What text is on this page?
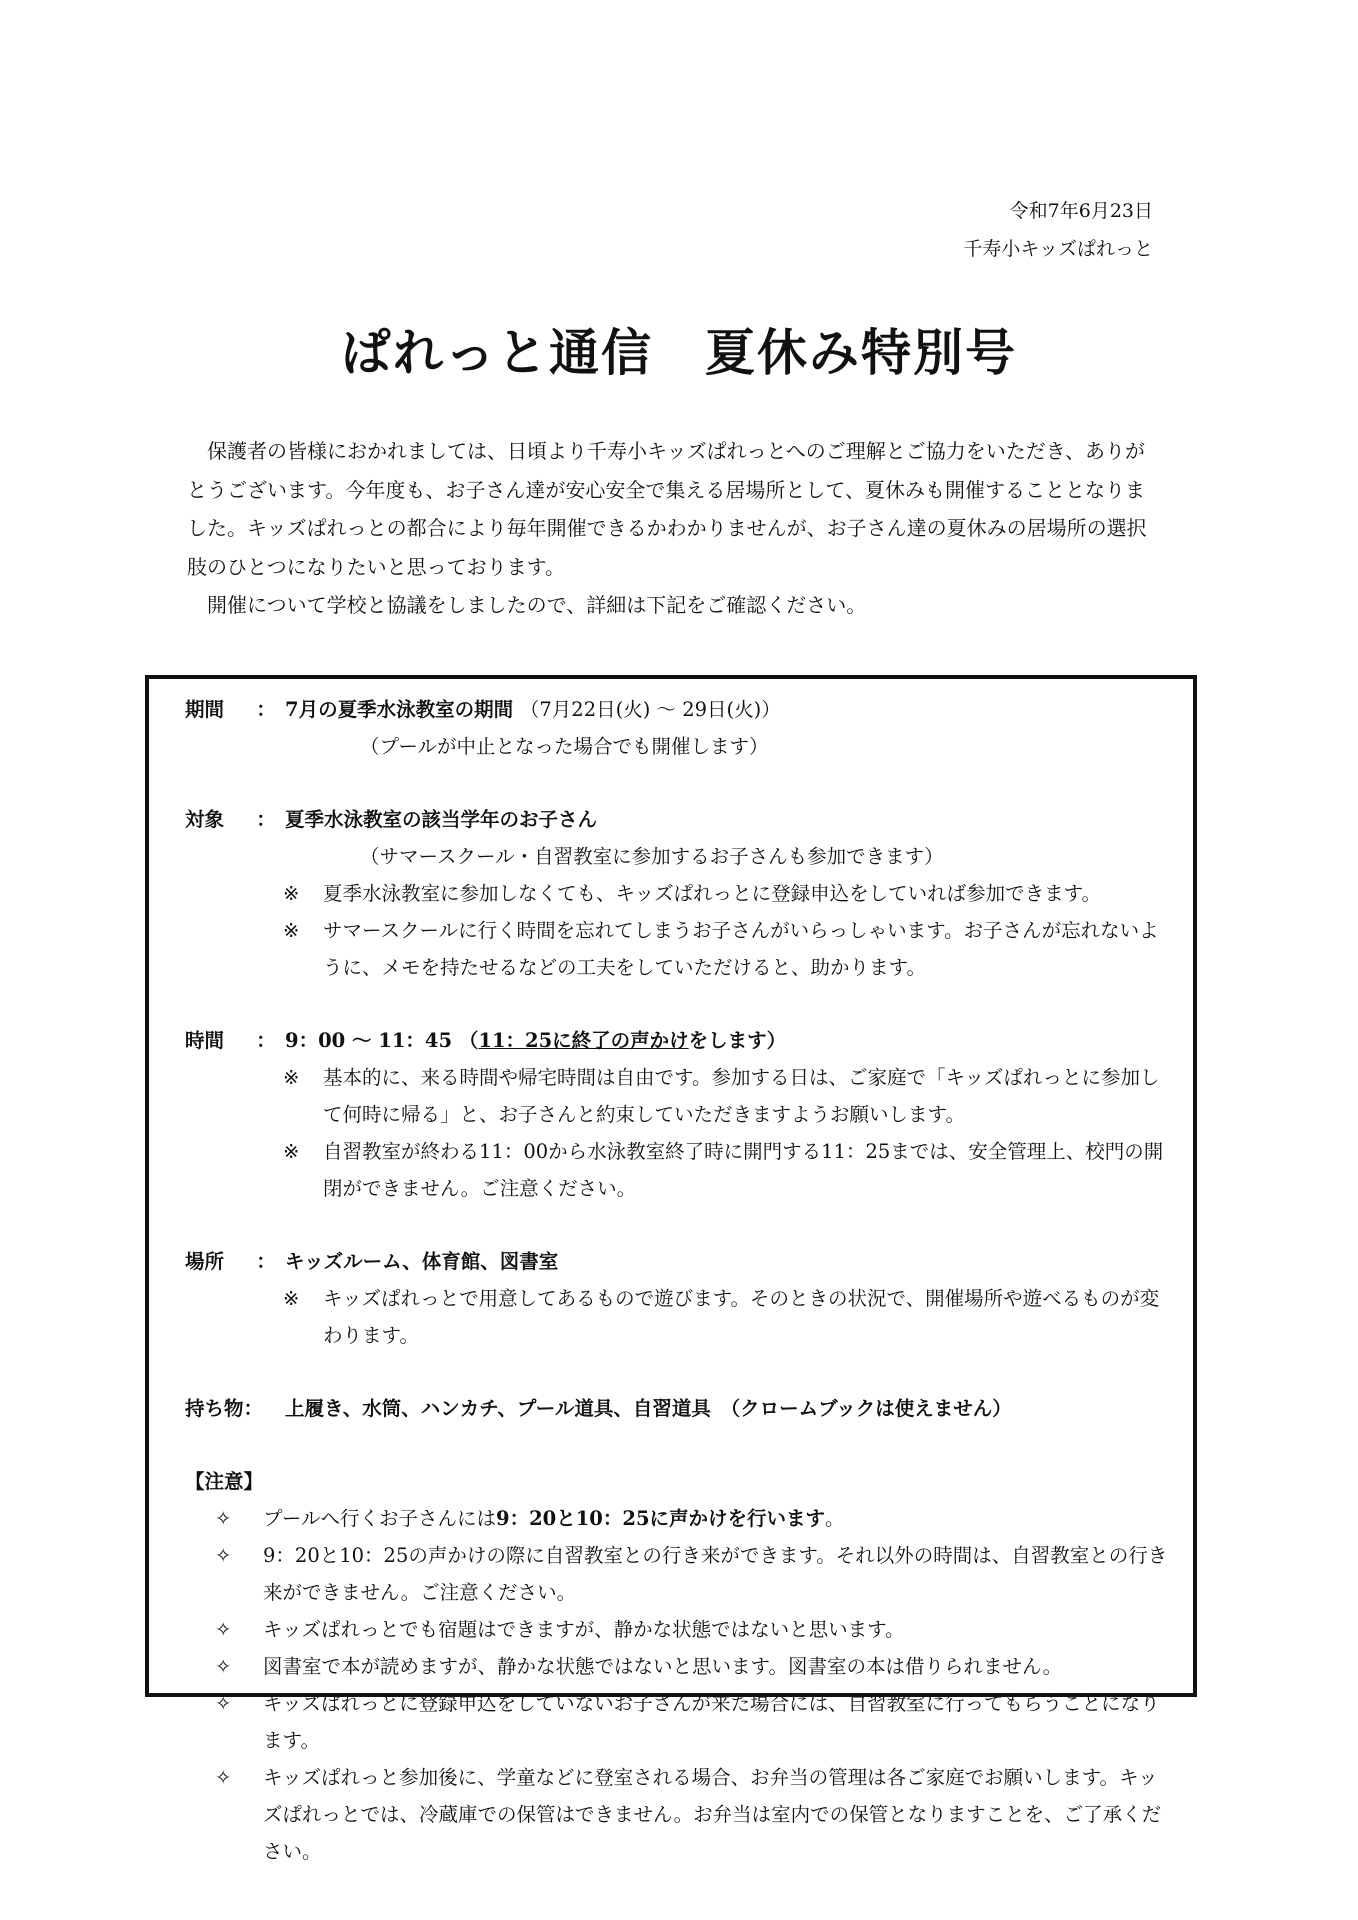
令和7年6月23日
千寿小キッズぱれっと
ぱれっと通信　夏休み特別号

保護者の皆様におかれましては、日頃より千寿小キッズぱれっとへのご理解とご協力をいただき、ありがとうございます。今年度も、お子さん達が安心安全で集える居場所として、夏休みも開催することとなりました。キッズぱれっとの都合により毎年開催できるかわかりませんが、お子さん達の夏休みの居場所の選択肢のひとつになりたいと思っております。

開催について学校と協議をしましたので、詳細は下記をご確認ください。

期間	： 7月の夏季水泳教室の期間 （7月22日(火) ～ 29日(火)）
（プールが中止となった場合でも開催します）
対象	： 夏季水泳教室の該当学年のお子さん
（サマースクール・自習教室に参加するお子さんも参加できます）
※	夏季水泳教室に参加しなくても、キッズぱれっとに登録申込をしていれば参加できます。
※	サマースクールに行く時間を忘れてしまうお子さんがいらっしゃいます。お子さんが忘れないように、メモを持たせるなどの工夫をしていただけると、助かります。
時間	： 9：00 ～ 11：45 （11：25に終了の声かけをします）
※	基本的に、来る時間や帰宅時間は自由です。参加する日は、ご家庭で「キッズぱれっとに参加して何時に帰る」と、お子さんと約束していただきますようお願いします。
※	自習教室が終わる11：00から水泳教室終了時に開門する11：25までは、安全管理上、校門の開閉ができません。ご注意ください。
場所	： キッズルーム、体育館、図書室
※	キッズぱれっとで用意してあるもので遊びます。そのときの状況で、開催場所や遊べるものが変わります。
持ち物：	上履き、水筒、ハンカチ、プール道具、自習道具　（クロームブックは使えません）
【注意】
✧	プールへ行くお子さんには9：20と10：25に声かけを行います。
✧	9：20と10：25の声かけの際に自習教室との行き来ができます。それ以外の時間は、自習教室との行き来ができません。ご注意ください。
✧	キッズぱれっとでも宿題はできますが、静かな状態ではないと思います。
✧	図書室で本が読めますが、静かな状態ではないと思います。図書室の本は借りられません。
✧	キッズぱれっとに登録申込をしていないお子さんが来た場合には、自習教室に行ってもらうことになります。
✧	キッズぱれっと参加後に、学童などに登室される場合、お弁当の管理は各ご家庭でお願いします。キッズぱれっとでは、冷蔵庫での保管はできません。お弁当は室内での保管となりますことを、ご了承ください。
